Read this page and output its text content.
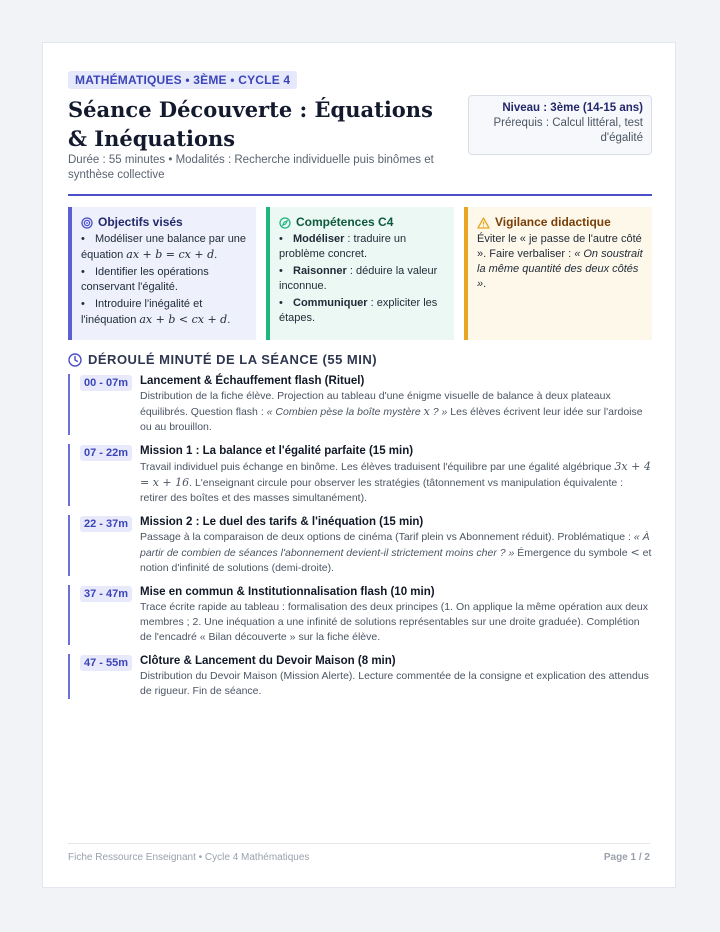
MATHÉMATIQUES • 3ÈME • CYCLE 4
Séance Découverte : Équations & Inéquations
Durée : 55 minutes • Modalités : Recherche individuelle puis binômes et synthèse collective
Niveau : 3ème (14-15 ans)
Prérequis : Calcul littéral, test d'égalité
Objectifs visés
• Modéliser une balance par une équation ax + b = cx + d.
• Identifier les opérations conservant l'égalité.
• Introduire l'inégalité et l'inéquation ax + b < cx + d.
Compétences C4
• Modéliser : traduire un problème concret.
• Raisonner : déduire la valeur inconnue.
• Communiquer : expliciter les étapes.
Vigilance didactique
Éviter le « je passe de l'autre côté ». Faire verbaliser : « On soustrait la même quantité des deux côtés ».
DÉROULÉ MINUTÉ DE LA SÉANCE (55 MIN)
00 - 07m	Lancement & Échauffement flash (Rituel)
Distribution de la fiche élève. Projection au tableau d'une énigme visuelle de balance à deux plateaux équilibrés. Question flash : « Combien pèse la boîte mystère x ? » Les élèves écrivent leur idée sur l'ardoise ou au brouillon.
07 - 22m	Mission 1 : La balance et l'égalité parfaite (15 min)
Travail individuel puis échange en binôme. Les élèves traduisent l'équilibre par une égalité algébrique 3x + 4 = x + 16. L'enseignant circule pour observer les stratégies (tâtonnement vs manipulation équivalente : retirer des boîtes et des masses simultanément).
22 - 37m	Mission 2 : Le duel des tarifs & l'inéquation (15 min)
Passage à la comparaison de deux options de cinéma (Tarif plein vs Abonnement réduit). Problématique : « À partir de combien de séances l'abonnement devient-il strictement moins cher ? » Émergence du symbole < et notion d'infinité de solutions (demi-droite).
37 - 47m	Mise en commun & Institutionnalisation flash (10 min)
Trace écrite rapide au tableau : formalisation des deux principes (1. On applique la même opération aux deux membres ; 2. Une inéquation a une infinité de solutions représentables sur une droite graduée). Complétion de l'encadré « Bilan découverte » sur la fiche élève.
47 - 55m	Clôture & Lancement du Devoir Maison (8 min)
Distribution du Devoir Maison (Mission Alerte). Lecture commentée de la consigne et explication des attendus de rigueur. Fin de séance.
Fiche Ressource Enseignant • Cycle 4 Mathématiques	Page 1 / 2
